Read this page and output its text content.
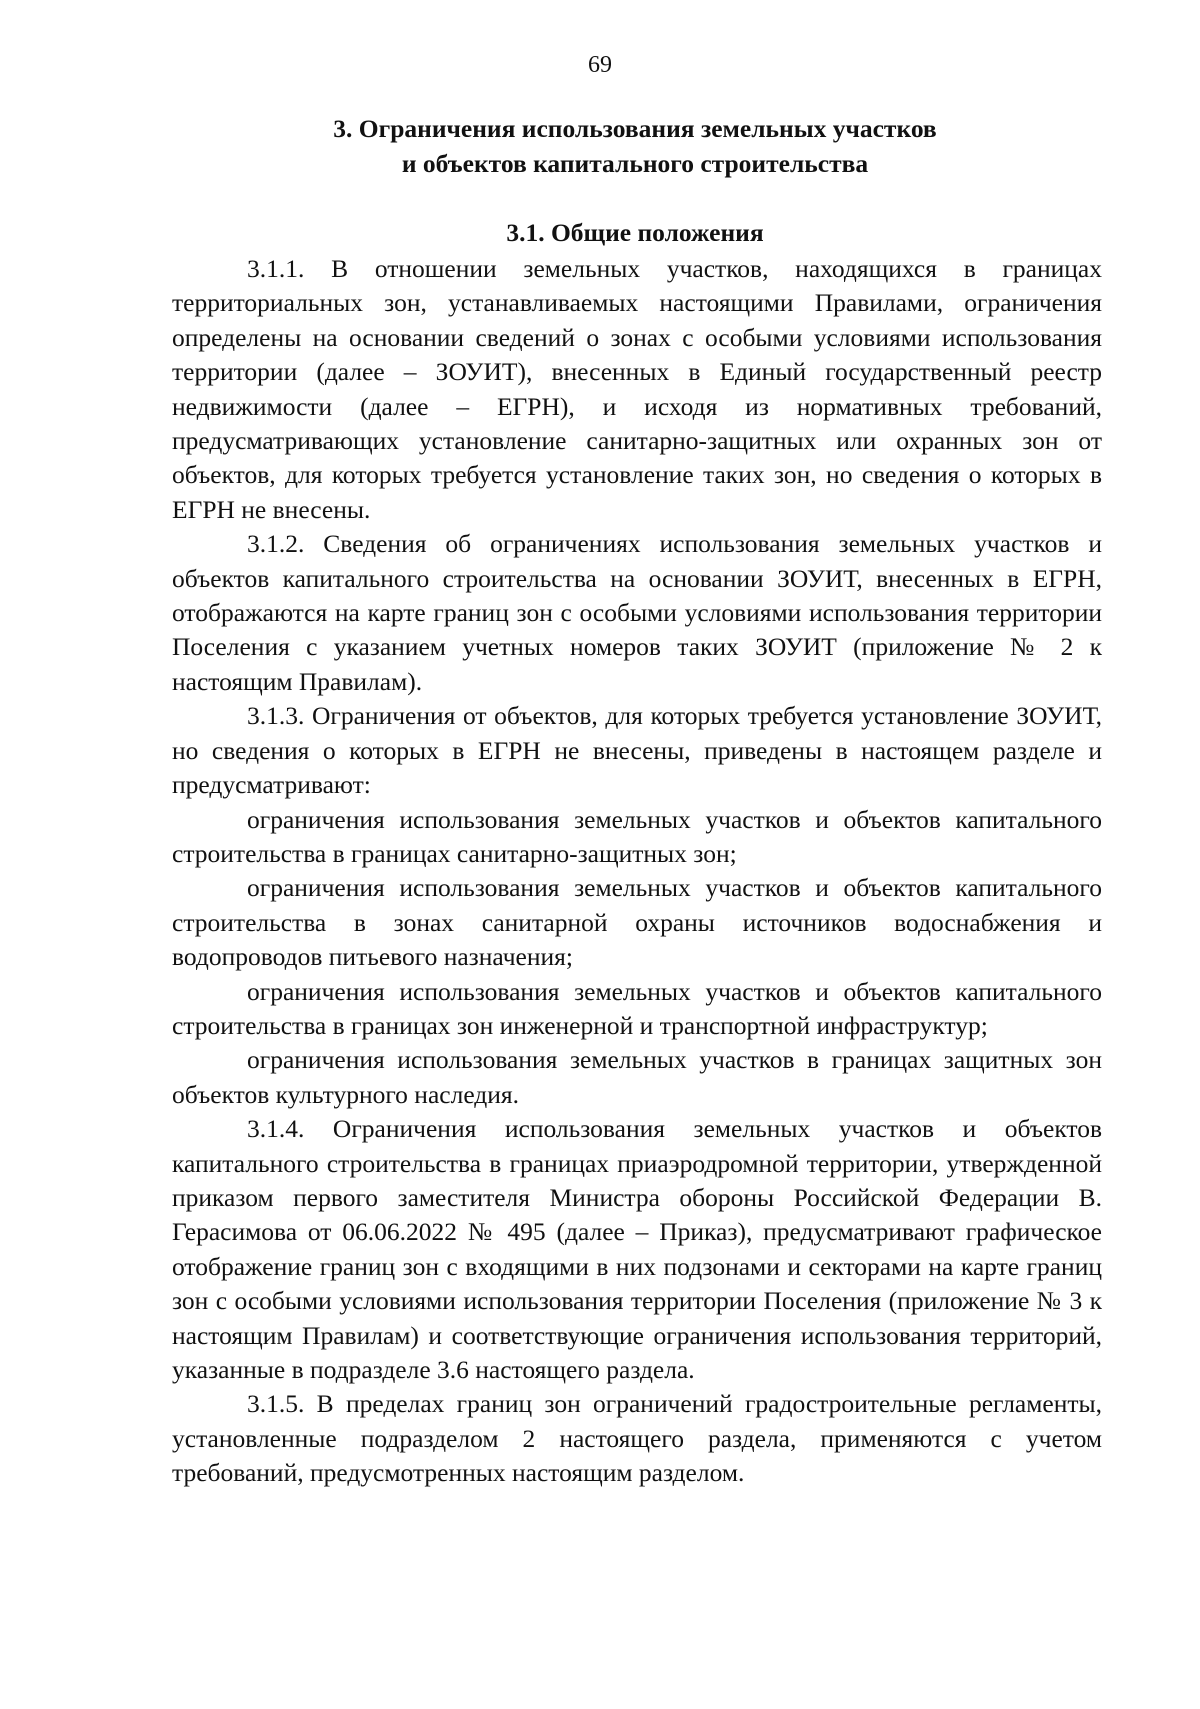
69
3. Ограничения использования земельных участков
и объектов капитального строительства
3.1. Общие положения

3.1.1. В отношении земельных участков, находящихся в границах территориальных зон, устанавливаемых настоящими Правилами, ограничения определены на основании сведений о зонах с особыми условиями использования территории (далее – ЗОУИТ), внесенных в Единый государственный реестр недвижимости (далее – ЕГРН), и исходя из нормативных требований, предусматривающих установление санитарно-защитных или охранных зон от объектов, для которых требуется установление таких зон, но сведения о которых в ЕГРН не внесены.

3.1.2. Сведения об ограничениях использования земельных участков и объектов капитального строительства на основании ЗОУИТ, внесенных в ЕГРН, отображаются на карте границ зон с особыми условиями использования территории Поселения с указанием учетных номеров таких ЗОУИТ (приложение № 2 к настоящим Правилам).

3.1.3. Ограничения от объектов, для которых требуется установление ЗОУИТ, но сведения о которых в ЕГРН не внесены, приведены в настоящем разделе и предусматривают:

ограничения использования земельных участков и объектов капитального строительства в границах санитарно-защитных зон;

ограничения использования земельных участков и объектов капитального строительства в зонах санитарной охраны источников водоснабжения и водопроводов питьевого назначения;

ограничения использования земельных участков и объектов капитального строительства в границах зон инженерной и транспортной инфраструктур;

ограничения использования земельных участков в границах защитных зон объектов культурного наследия.

3.1.4. Ограничения использования земельных участков и объектов капитального строительства в границах приаэродромной территории, утвержденной приказом первого заместителя Министра обороны Российской Федерации В. Герасимова от 06.06.2022 № 495 (далее – Приказ), предусматривают графическое отображение границ зон с входящими в них подзонами и секторами на карте границ зон с особыми условиями использования территории Поселения (приложение № 3 к настоящим Правилам) и соответствующие ограничения использования территорий, указанные в подразделе 3.6 настоящего раздела.

3.1.5. В пределах границ зон ограничений градостроительные регламенты, установленные подразделом 2 настоящего раздела, применяются с учетом требований, предусмотренных настоящим разделом.
